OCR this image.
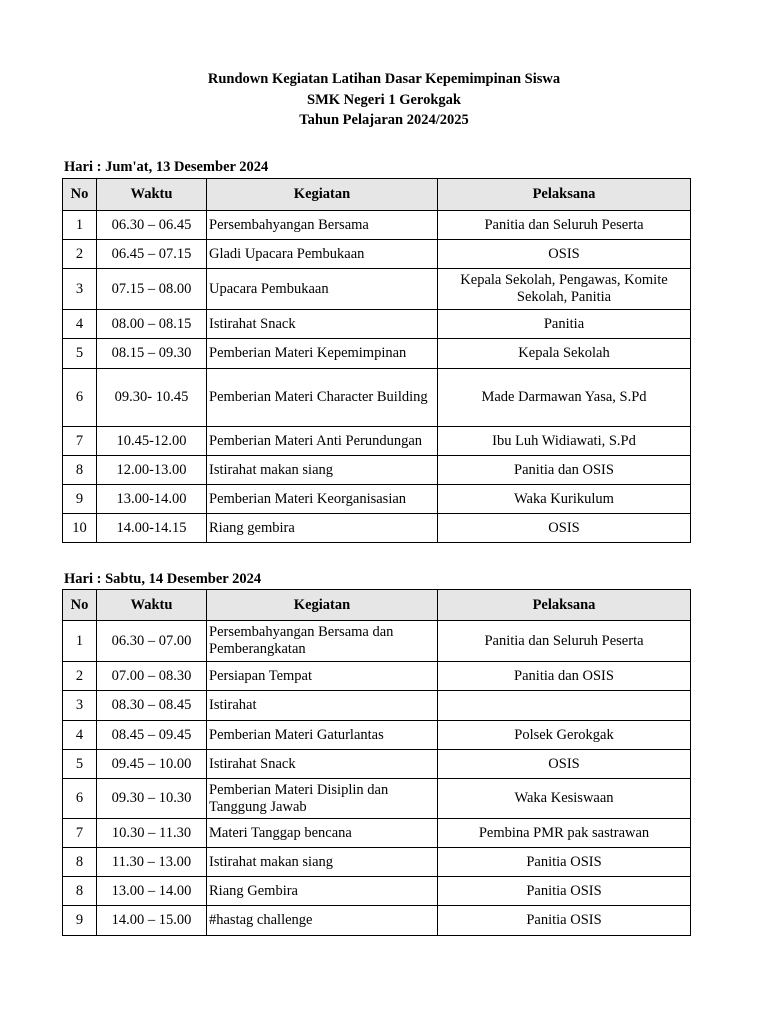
Rundown Kegiatan Latihan Dasar Kepemimpinan Siswa
SMK Negeri 1 Gerokgak
Tahun Pelajaran 2024/2025
Hari : Jum'at, 13 Desember 2024
No	Waktu	Kegiatan	Pelaksana
1	06.30 – 06.45	Persembahyangan Bersama	Panitia dan Seluruh Peserta
2	06.45 – 07.15	Gladi Upacara Pembukaan	OSIS
3	07.15 – 08.00	Upacara Pembukaan	Kepala Sekolah, Pengawas, Komite Sekolah, Panitia
4	08.00 – 08.15	Istirahat Snack	Panitia
5	08.15 – 09.30	Pemberian Materi Kepemimpinan	Kepala Sekolah
6	09.30- 10.45	Pemberian Materi Character Building	Made Darmawan Yasa, S.Pd
7	10.45-12.00	Pemberian Materi Anti Perundungan	Ibu Luh Widiawati, S.Pd
8	12.00-13.00	Istirahat makan siang	Panitia dan OSIS
9	13.00-14.00	Pemberian Materi Keorganisasian	Waka Kurikulum
10	14.00-14.15	Riang gembira	OSIS
Hari : Sabtu, 14 Desember 2024
No	Waktu	Kegiatan	Pelaksana
1	06.30 – 07.00	Persembahyangan Bersama dan Pemberangkatan	Panitia dan Seluruh Peserta
2	07.00 – 08.30	Persiapan Tempat	Panitia dan OSIS
3	08.30 – 08.45	Istirahat	
4	08.45 – 09.45	Pemberian Materi Gaturlantas	Polsek Gerokgak
5	09.45 – 10.00	Istirahat Snack	OSIS
6	09.30 – 10.30	Pemberian Materi Disiplin dan Tanggung Jawab	Waka Kesiswaan
7	10.30 – 11.30	Materi Tanggap bencana	Pembina PMR pak sastrawan
8	11.30 – 13.00	Istirahat makan siang	Panitia OSIS
8	13.00 – 14.00	Riang Gembira	Panitia OSIS
9	14.00 – 15.00	#hastag challenge	Panitia OSIS
